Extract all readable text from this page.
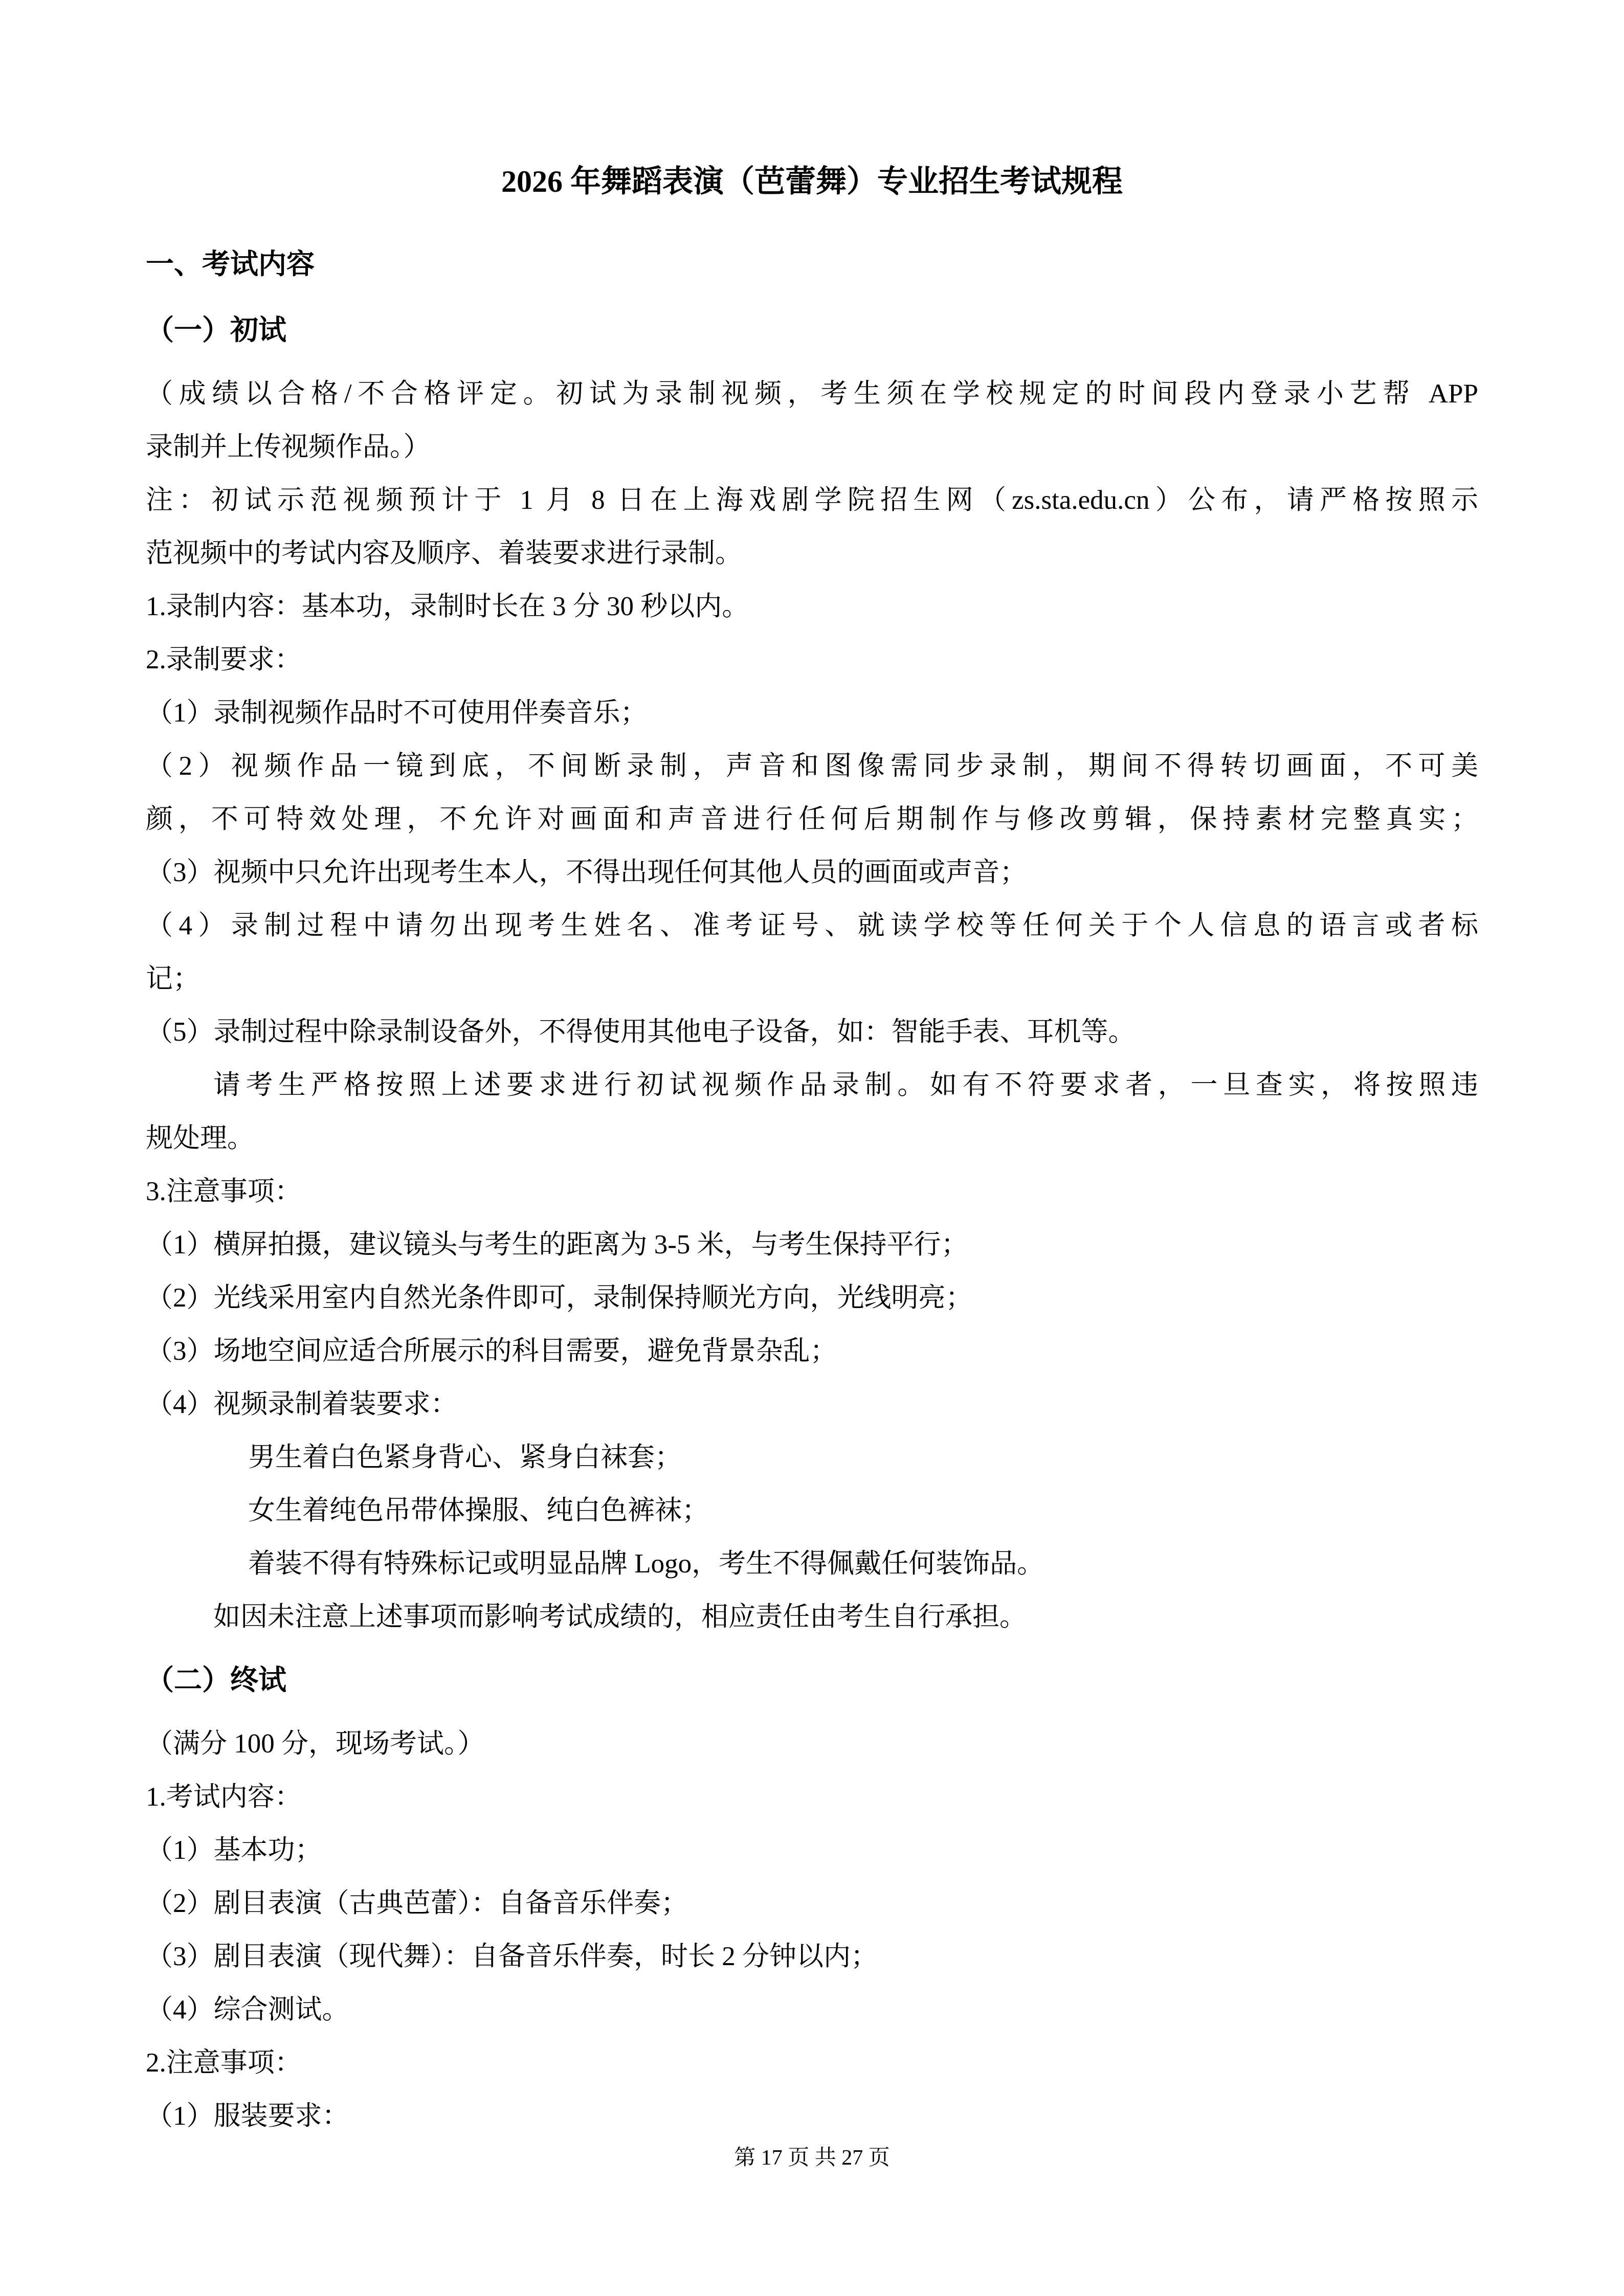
2026 年舞蹈表演（芭蕾舞）专业招生考试规程
一、考试内容
（一）初试
（成绩以合格/不合格评定。初试为录制视频，考生须在学校规定的时间段内登录小艺帮 APP
录制并上传视频作品。）
注：初试示范视频预计于 1 月 8 日在上海戏剧学院招生网（zs.sta.edu.cn）公布，请严格按照示
范视频中的考试内容及顺序、着装要求进行录制。
1.录制内容：基本功，录制时长在 3 分 30 秒以内。
2.录制要求：
（1）录制视频作品时不可使用伴奏音乐；
（2）视频作品一镜到底，不间断录制，声音和图像需同步录制，期间不得转切画面，不可美
颜，不可特效处理，不允许对画面和声音进行任何后期制作与修改剪辑，保持素材完整真实；
（3）视频中只允许出现考生本人，不得出现任何其他人员的画面或声音；
（4）录制过程中请勿出现考生姓名、准考证号、就读学校等任何关于个人信息的语言或者标
记；
（5）录制过程中除录制设备外，不得使用其他电子设备，如：智能手表、耳机等。
请考生严格按照上述要求进行初试视频作品录制。如有不符要求者，一旦查实，将按照违
规处理。
3.注意事项：
（1）横屏拍摄，建议镜头与考生的距离为 3-5 米，与考生保持平行；
（2）光线采用室内自然光条件即可，录制保持顺光方向，光线明亮；
（3）场地空间应适合所展示的科目需要，避免背景杂乱；
（4）视频录制着装要求：
男生着白色紧身背心、紧身白袜套；
女生着纯色吊带体操服、纯白色裤袜；
着装不得有特殊标记或明显品牌 Logo，考生不得佩戴任何装饰品。
如因未注意上述事项而影响考试成绩的，相应责任由考生自行承担。
（二）终试
（满分 100 分，现场考试。）
1.考试内容：
（1）基本功；
（2）剧目表演（古典芭蕾）：自备音乐伴奏；
（3）剧目表演（现代舞）：自备音乐伴奏，时长 2 分钟以内；
（4）综合测试。
2.注意事项：
（1）服装要求：
第 17 页 共 27 页
